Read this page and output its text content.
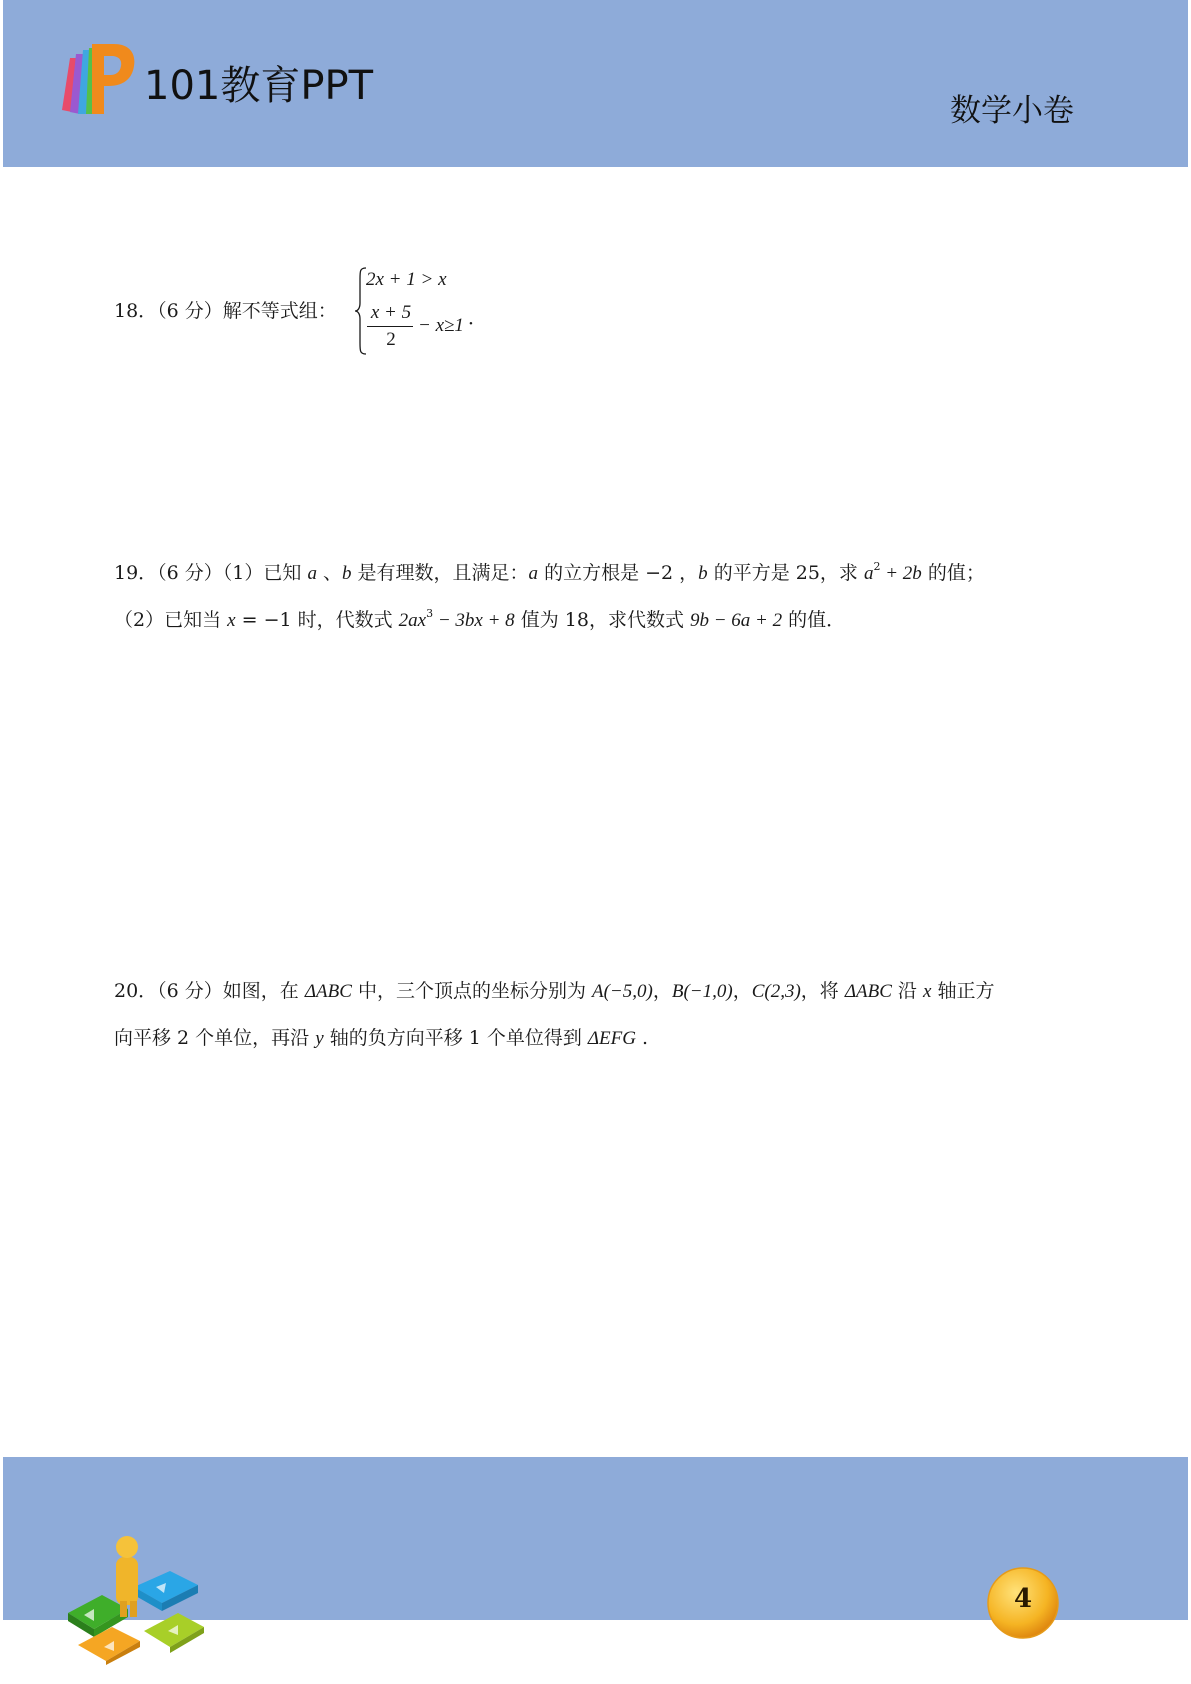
101教育PPT
数学小卷
18．（6 分）解不等式组：
2x + 1 > x
x + 5
2
− x≥1 ．
19．（6 分）（1）已知 a 、b 是有理数，且满足：a 的立方根是 −2 ，b 的平方是 25，求 $a^2 + 2b$ 的值；
（2）已知当 x = −1 时，代数式 $2ax^3 - 3bx + 8$ 值为 18，求代数式 9b − 6a + 2 的值．
20．（6 分）如图，在 ΔABC 中，三个顶点的坐标分别为 A(−5,0)，B(−1,0)，C(2,3)，将 ΔABC 沿 x 轴正方
向平移 2 个单位，再沿 y 轴的负方向平移 1 个单位得到 ΔEFG .
4
